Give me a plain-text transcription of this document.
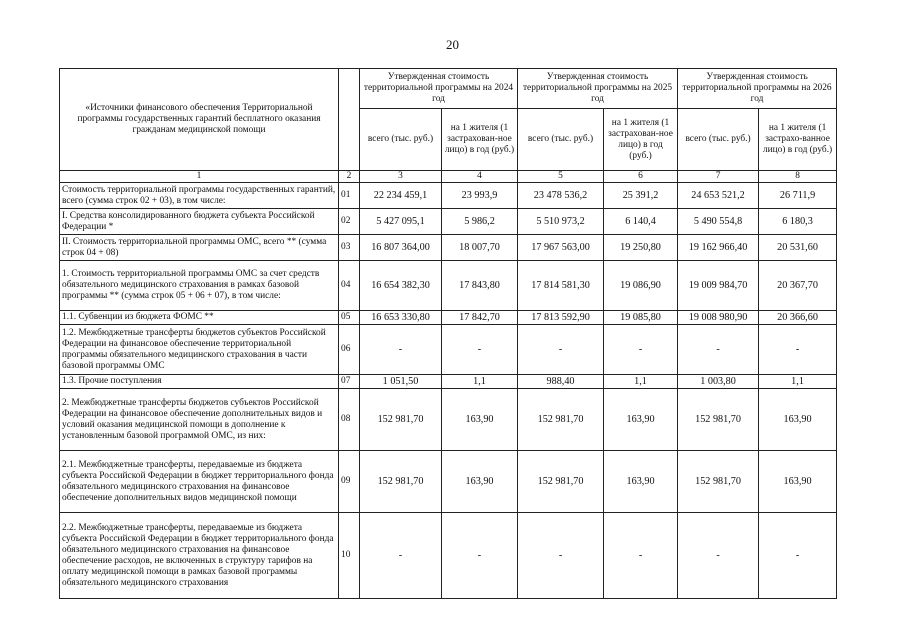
20
«Источники финансового обеспечения Территориальной программы государственных гарантий бесплатного оказания гражданам медицинской помощи		Утвержденная стоимость территориальной программы на 2024 год		Утвержденная стоимость территориальной программы на 2025 год		Утвержденная стоимость территориальной программы на 2026 год	
		всего (тыс. руб.)	на 1 жителя (1 застрахован-ное лицо) в год (руб.)	всего (тыс. руб.)	на 1 жителя (1 застрахован-ное лицо) в год (руб.)	всего (тыс. руб.)	на 1 жителя (1 застрахо-ванное лицо) в год (руб.)
1	2	3	4	5	6	7	8
Стоимость территориальной программы государственных гарантий, всего (сумма строк 02 + 03), в том числе:	01	22 234 459,1	23 993,9	23 478 536,2	25 391,2	24 653 521,2	26 711,9
I. Средства консолидированного бюджета субъекта Российской Федерации *	02	5 427 095,1	5 986,2	5 510 973,2	6 140,4	5 490 554,8	6 180,3
II. Стоимость территориальной программы ОМС, всего ** (сумма строк 04 + 08)	03	16 807 364,00	18 007,70	17 967 563,00	19 250,80	19 162 966,40	20 531,60
1. Стоимость территориальной программы ОМС за счет средств обязательного медицинского страхования в рамках базовой программы ** (сумма строк 05 + 06 + 07), в том числе:	04	16 654 382,30	17 843,80	17 814 581,30	19 086,90	19 009 984,70	20 367,70
1.1. Субвенции из бюджета ФОМС **	05	16 653 330,80	17 842,70	17 813 592,90	19 085,80	19 008 980,90	20 366,60
1.2. Межбюджетные трансферты бюджетов субъектов Российской Федерации на финансовое обеспечение территориальной программы обязательного медицинского страхования в части базовой программы ОМС	06	-	-	-	-	-	-
1.3. Прочие поступления	07	1 051,50	1,1	988,40	1,1	1 003,80	1,1
2. Межбюджетные трансферты бюджетов субъектов Российской Федерации на финансовое обеспечение дополнительных видов и условий оказания медицинской помощи в дополнение к установленным базовой программой ОМС, из них:	08	152 981,70	163,90	152 981,70	163,90	152 981,70	163,90
2.1. Межбюджетные трансферты, передаваемые из бюджета субъекта Российской Федерации в бюджет территориального фонда обязательного медицинского страхования на финансовое обеспечение дополнительных видов медицинской помощи	09	152 981,70	163,90	152 981,70	163,90	152 981,70	163,90
2.2. Межбюджетные трансферты, передаваемые из бюджета субъекта Российской Федерации в бюджет территориального фонда обязательного медицинского страхования на финансовое обеспечение расходов, не включенных в структуру тарифов на оплату медицинской помощи в рамках базовой программы обязательного медицинского страхования	10	-	-	-	-	-	-
